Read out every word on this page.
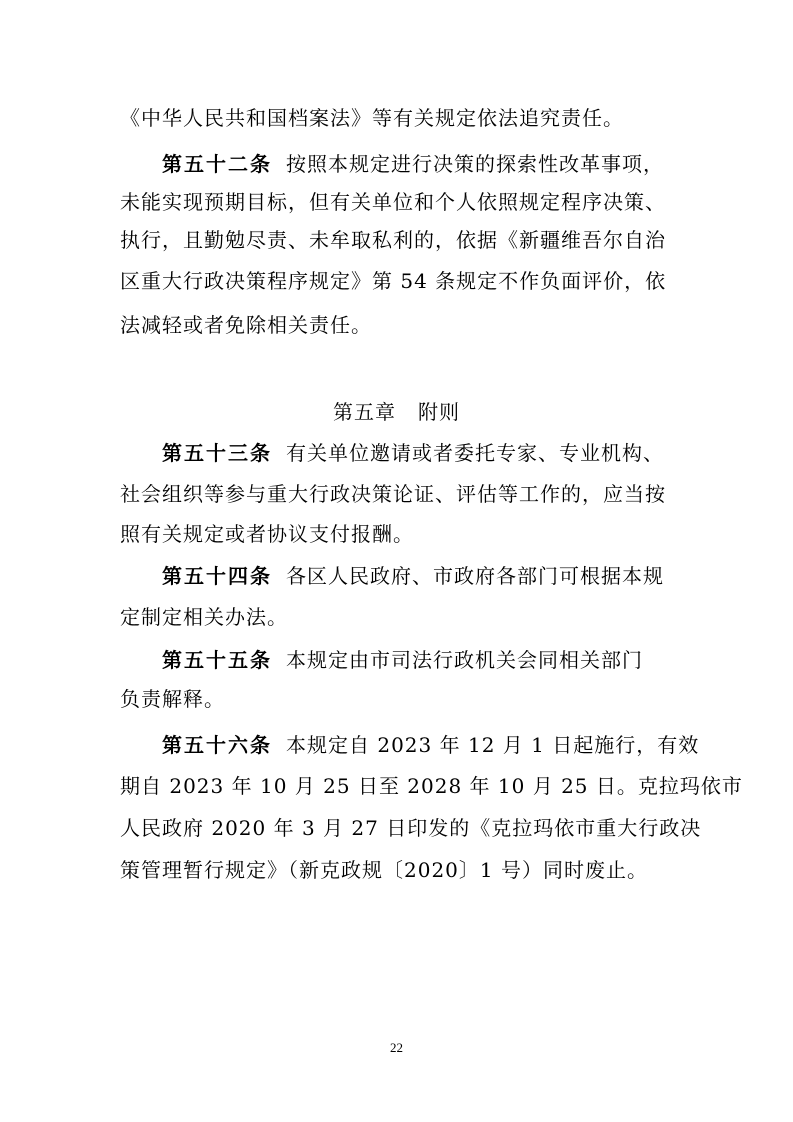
《中华人民共和国档案法》等有关规定依法追究责任。
第五十二条 按照本规定进行决策的探索性改革事项，
未能实现预期目标，但有关单位和个人依照规定程序决策、
执行，且勤勉尽责、未牟取私利的，依据《新疆维吾尔自治
区重大行政决策程序规定》第 54 条规定不作负面评价，依
法减轻或者免除相关责任。
第五章 附则
第五十三条 有关单位邀请或者委托专家、专业机构、
社会组织等参与重大行政决策论证、评估等工作的，应当按
照有关规定或者协议支付报酬。
第五十四条 各区人民政府、市政府各部门可根据本规
定制定相关办法。
第五十五条 本规定由市司法行政机关会同相关部门
负责解释。
第五十六条 本规定自 2023 年 12 月 1 日起施行，有效
期自 2023 年 10 月 25 日至 2028 年 10 月 25 日。克拉玛依市
人民政府 2020 年 3 月 27 日印发的《克拉玛依市重大行政决
策管理暂行规定》（新克政规〔2020〕1 号）同时废止。
22
